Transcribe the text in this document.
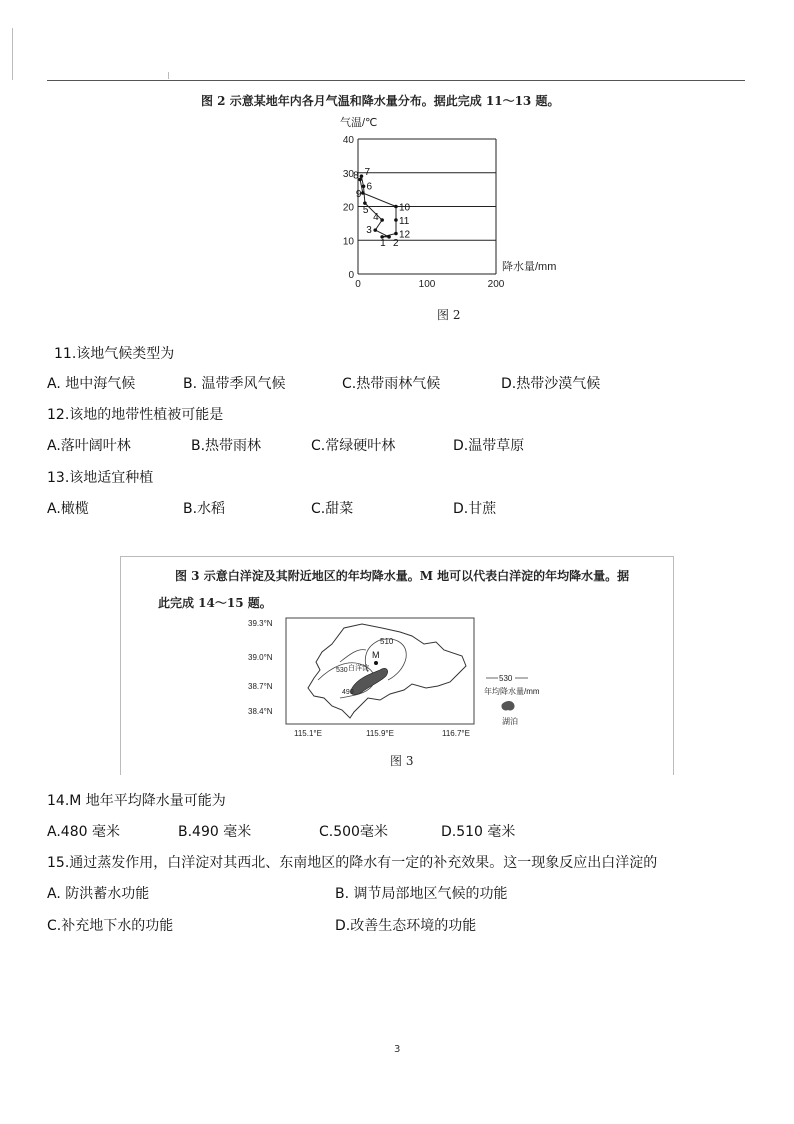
图 2 示意某地年内各月气温和降水量分布。据此完成 11～13 题。
0
10
20
30
40
0	100	200
1 2
3
4
5
6
7
8
9
10
11
12
气温/℃
降水量/mm
图 2
11.该地气候类型为
A. 地中海气候	B. 温带季风气候	C.热带雨林气候	D.热带沙漠气候
12.该地的地带性植被可能是
A.落叶阔叶林	B.热带雨林	C.常绿硬叶林	D.温带草原
13.该地适宜种植
A.橄榄	B.水稻	C.甜菜	D.甘蔗
图 3 示意白洋淀及其附近地区的年均降水量。M 地可以代表白洋淀的年均降水量。据
此完成 14～15 题。
39.3°N
39.0°N
38.7°N
38.4°N
115.1°E	115.9°E	116.7°E
M
白洋淀
510
530
490
530
年均降水量/mm
湖泊
图 3
14.M 地年平均降水量可能为
A.480 毫米	B.490 毫米	C.500毫米	D.510 毫米
15.通过蒸发作用，白洋淀对其西北、东南地区的降水有一定的补充效果。这一现象反应出白洋淀的
A. 防洪蓄水功能	B. 调节局部地区气候的功能
C.补充地下水的功能	D.改善生态环境的功能
3
